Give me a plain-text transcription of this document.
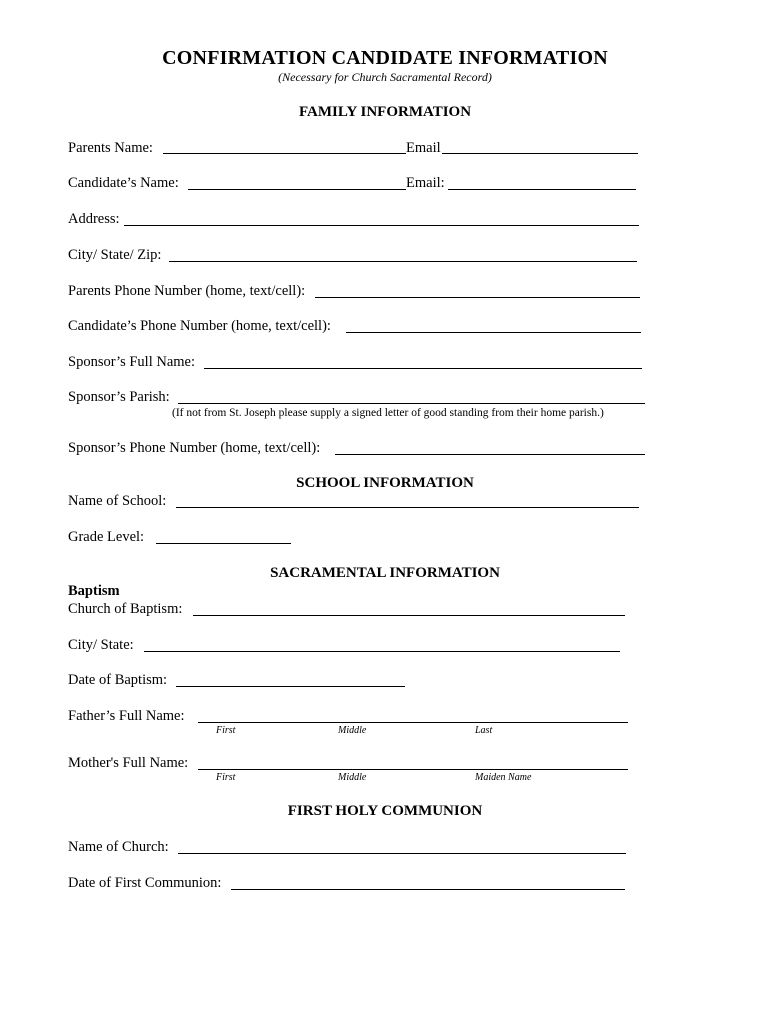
CONFIRMATION CANDIDATE INFORMATION
(Necessary for Church Sacramental Record)
FAMILY INFORMATION
Parents Name:	Email
Candidate’s Name:	Email:
Address:
City/ State/ Zip:
Parents Phone Number (home, text/cell):
Candidate’s Phone Number (home, text/cell):
Sponsor’s Full Name:
Sponsor’s Parish:
(If not from St. Joseph please supply a signed letter of good standing from their home parish.)
Sponsor’s Phone Number (home, text/cell):
SCHOOL INFORMATION
Name of School:
Grade Level:
SACRAMENTAL INFORMATION
Baptism
Church of Baptism:
City/ State:
Date of Baptism:
Father’s Full Name:
First	Middle	Last
Mother's Full Name:
First	Middle	Maiden Name
FIRST HOLY COMMUNION
Name of Church:
Date of First Communion:
